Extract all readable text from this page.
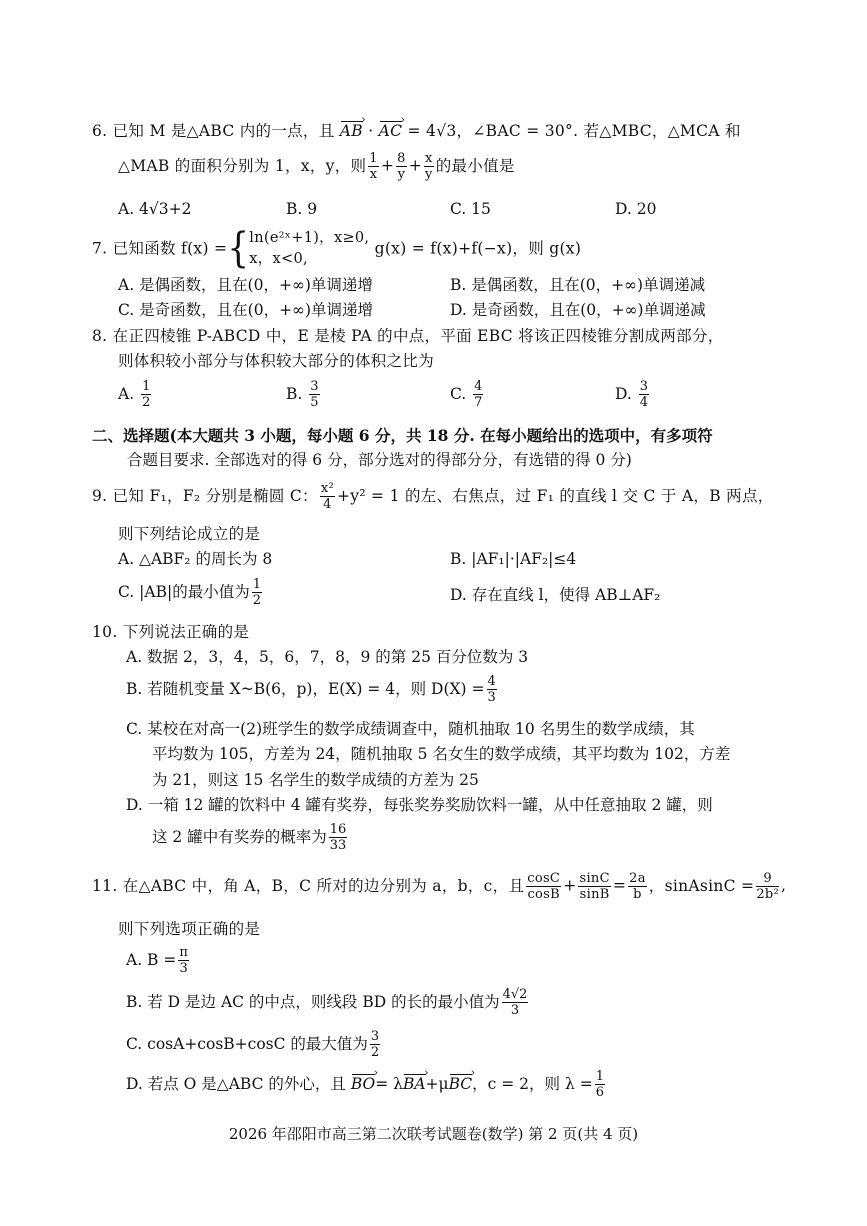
6. 已知 M 是△ABC 内的一点，且 AB › · AC › = 4√3，∠BAC = 30°. 若△MBC，△MCA 和
△MAB 的面积分别为 1，x，y，则 $\frac{1}{x} + \frac{8}{y} + \frac{x}{y}$ 的最小值是
A. 4√3+2	B. 9	C. 15	D. 20
7. 已知函数 f(x) ={ln(e²ˣ+1)，x≥0,
x，x<0, g(x) = f(x)+f(−x)，则 g(x)
A. 是偶函数，且在(0，+∞)单调递增	B. 是偶函数，且在(0，+∞)单调递减
C. 是奇函数，且在(0，+∞)单调递增	D. 是奇函数，且在(0，+∞)单调递减
8. 在正四棱锥 P-ABCD 中，E 是棱 PA 的中点，平面 EBC 将该正四棱锥分割成两部分，
则体积较小部分与体积较大部分的体积之比为
A. $\frac{1}{2}$	B. $\frac{3}{5}$	C. $\frac{4}{7}$	D. $\frac{3}{4}$
二、选择题(本大题共 3 小题，每小题 6 分，共 18 分. 在每小题给出的选项中，有多项符
合题目要求. 全部选对的得 6 分，部分选对的得部分分，有选错的得 0 分)
9. 已知 F₁，F₂ 分别是椭圆 C： $\frac{\text{x²}}{4} +y^2 = 1$ 的左、右焦点，过 F₁ 的直线 l 交 C 于 A，B 两点，
则下列结论成立的是
A. △ABF₂ 的周长为 8	B. |AF₁|·|AF₂|≤4
C. |AB|的最小值为 $\frac{1}{2}$	D. 存在直线 l，使得 AB⊥AF₂
10. 下列说法正确的是
A. 数据 2，3，4，5，6，7，8，9 的第 25 百分位数为 3
B. 若随机变量 X~B(6，p)，E(X) = 4，则 $D(X) = \frac{4}{3}$
C. 某校在对高一(2)班学生的数学成绩调查中，随机抽取 10 名男生的数学成绩，其
平均数为 105，方差为 24，随机抽取 5 名女生的数学成绩，其平均数为 102，方差
为 21，则这 15 名学生的数学成绩的方差为 25
D. 一箱 12 罐的饮料中 4 罐有奖券，每张奖券奖励饮料一罐，从中任意抽取 2 罐，则
这 2 罐中有奖券的概率为 $\frac{16}{33}$
11. 在△ABC 中，角 A，B，C 所对的边分别为 a，b，c，且 $\frac{\cos C}{\cos B} + \frac{\sin C}{\sin B} = \frac{2a}{b}$ ，sinAsinC = $\frac{9}{\text{2b²}}$ ,
则下列选项正确的是
A. $B = \frac{\pi}{3}$
B. 若 D 是边 AC 的中点，则线段 BD 的长的最小值为 $\frac{4√2}{3}$
C. cosA+cosB+cosC 的最大值为 $\frac{3}{2}$
D. 若点 O 是△ABC 的外心，且 BO ›= λBA ›+μBC ›，c = 2，则 $\lambda = \frac{1}{6}$
2026 年邵阳市高三第二次联考试题卷(数学) 第 2 页(共 4 页)
